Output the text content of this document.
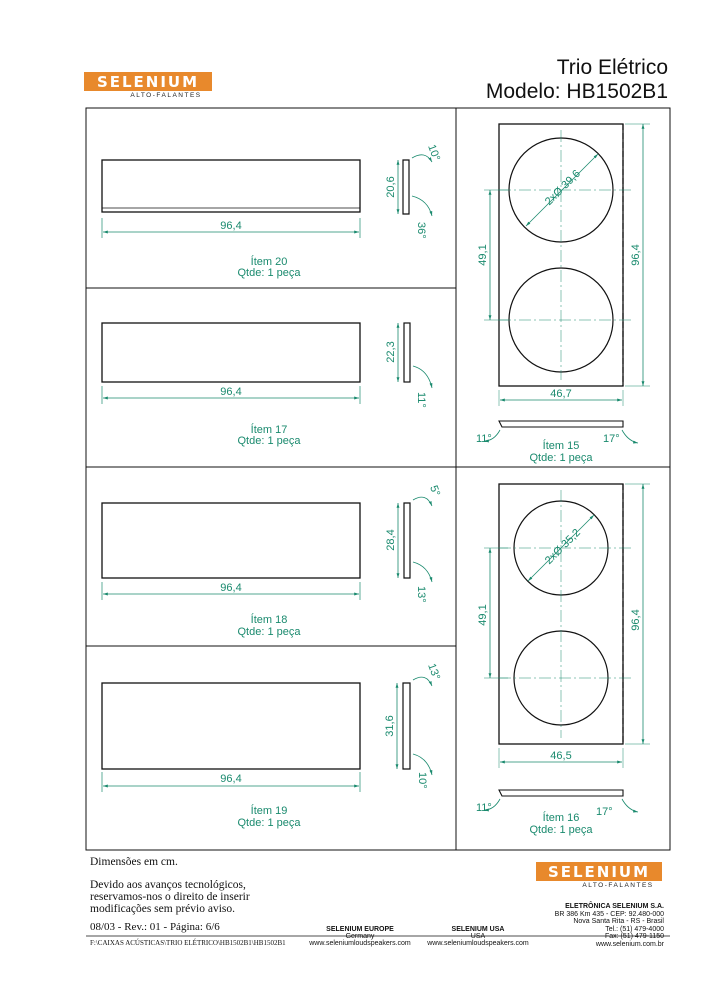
SELENIUM
ALTO-FALANTES
Trio Elétrico
Modelo: HB1502B1
96,4
20,6
10°
36°
Ítem 20
Qtde: 1 peça
96,4
22,3
11°
Ítem 17
Qtde: 1 peça
96,4
28,4
5°
13°
Ítem 18
Qtde: 1 peça
96,4
31,6
13°
10°
Ítem 19
Qtde: 1 peça
2xØ 39,6
49,1	96,4
46,7
11°	17°
Ítem 15
Qtde: 1 peça
2xØ 35,2
49,1	96,4
46,5
11°	17°
Ítem 16
Qtde: 1 peça
Dimensões em cm.
Devido aos avanços tecnológicos,
reservamos-nos o direito de inserir
modificações sem prévio aviso.
08/03 - Rev.: 01 - Página: 6/6
F:\CAIXAS ACÚSTICAS\TRIO ELÉTRICO\HB1502B1\HB1502B1
SELENIUM EUROPE
Germany
www.seleniumloudspeakers.com
SELENIUM USA
USA
www.seleniumloudspeakers.com
SELENIUM
ALTO-FALANTES
ELETRÔNICA SELENIUM S.A.
BR 386 Km 435 - CEP: 92.480-000
Nova Santa Rita - RS - Brasil
Tel.: (51) 479-4000
Fax: (51) 479-1150
www.selenium.com.br
